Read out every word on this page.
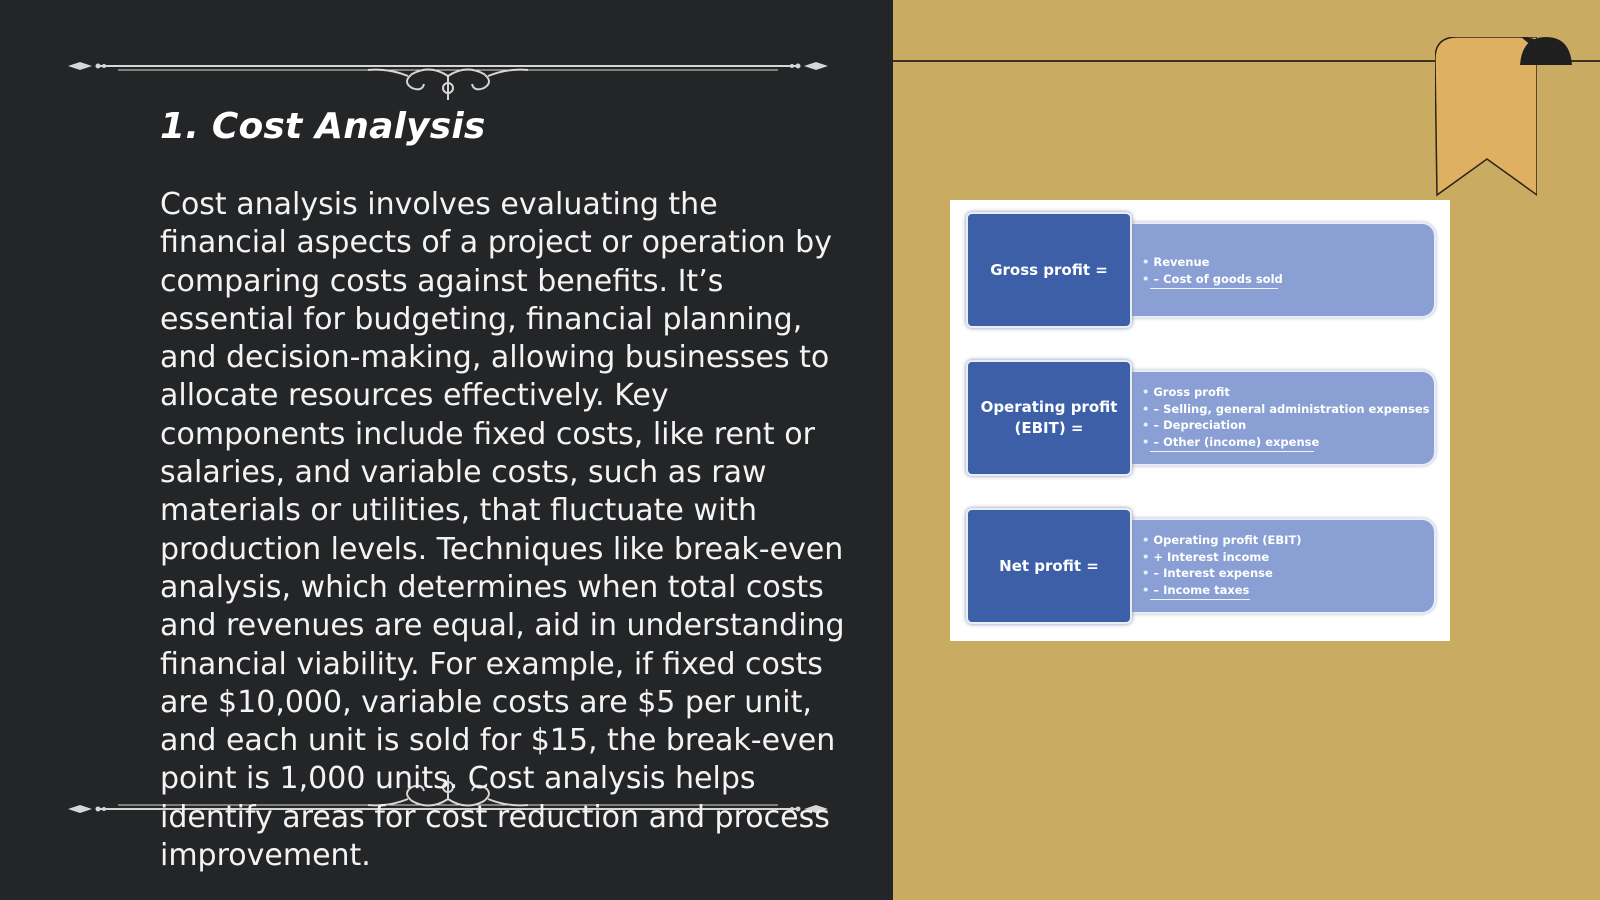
1. Cost Analysis

Cost analysis involves evaluating the financial aspects of a project or operation by comparing costs against benefits. It’s essential for budgeting, financial planning, and decision-making, allowing businesses to allocate resources effectively. Key components include fixed costs, like rent or salaries, and variable costs, such as raw materials or utilities, that fluctuate with production levels. Techniques like break-even analysis, which determines when total costs and revenues are equal, aid in understanding financial viability. For example, if fixed costs are $10,000, variable costs are $5 per unit, and each unit is sold for $15, the break-even point is 1,000 units. Cost analysis helps identify areas for cost reduction and process improvement.

Gross profit =
•	Revenue
• – Cost of goods sold
Operating profit (EBIT) =
• Gross profit
• – Selling, general administration expenses
• – Depreciation
• – Other (income) expense
Net profit =
• Operating profit (EBIT)
• + Interest income
• – Interest expense
• – Income taxes
